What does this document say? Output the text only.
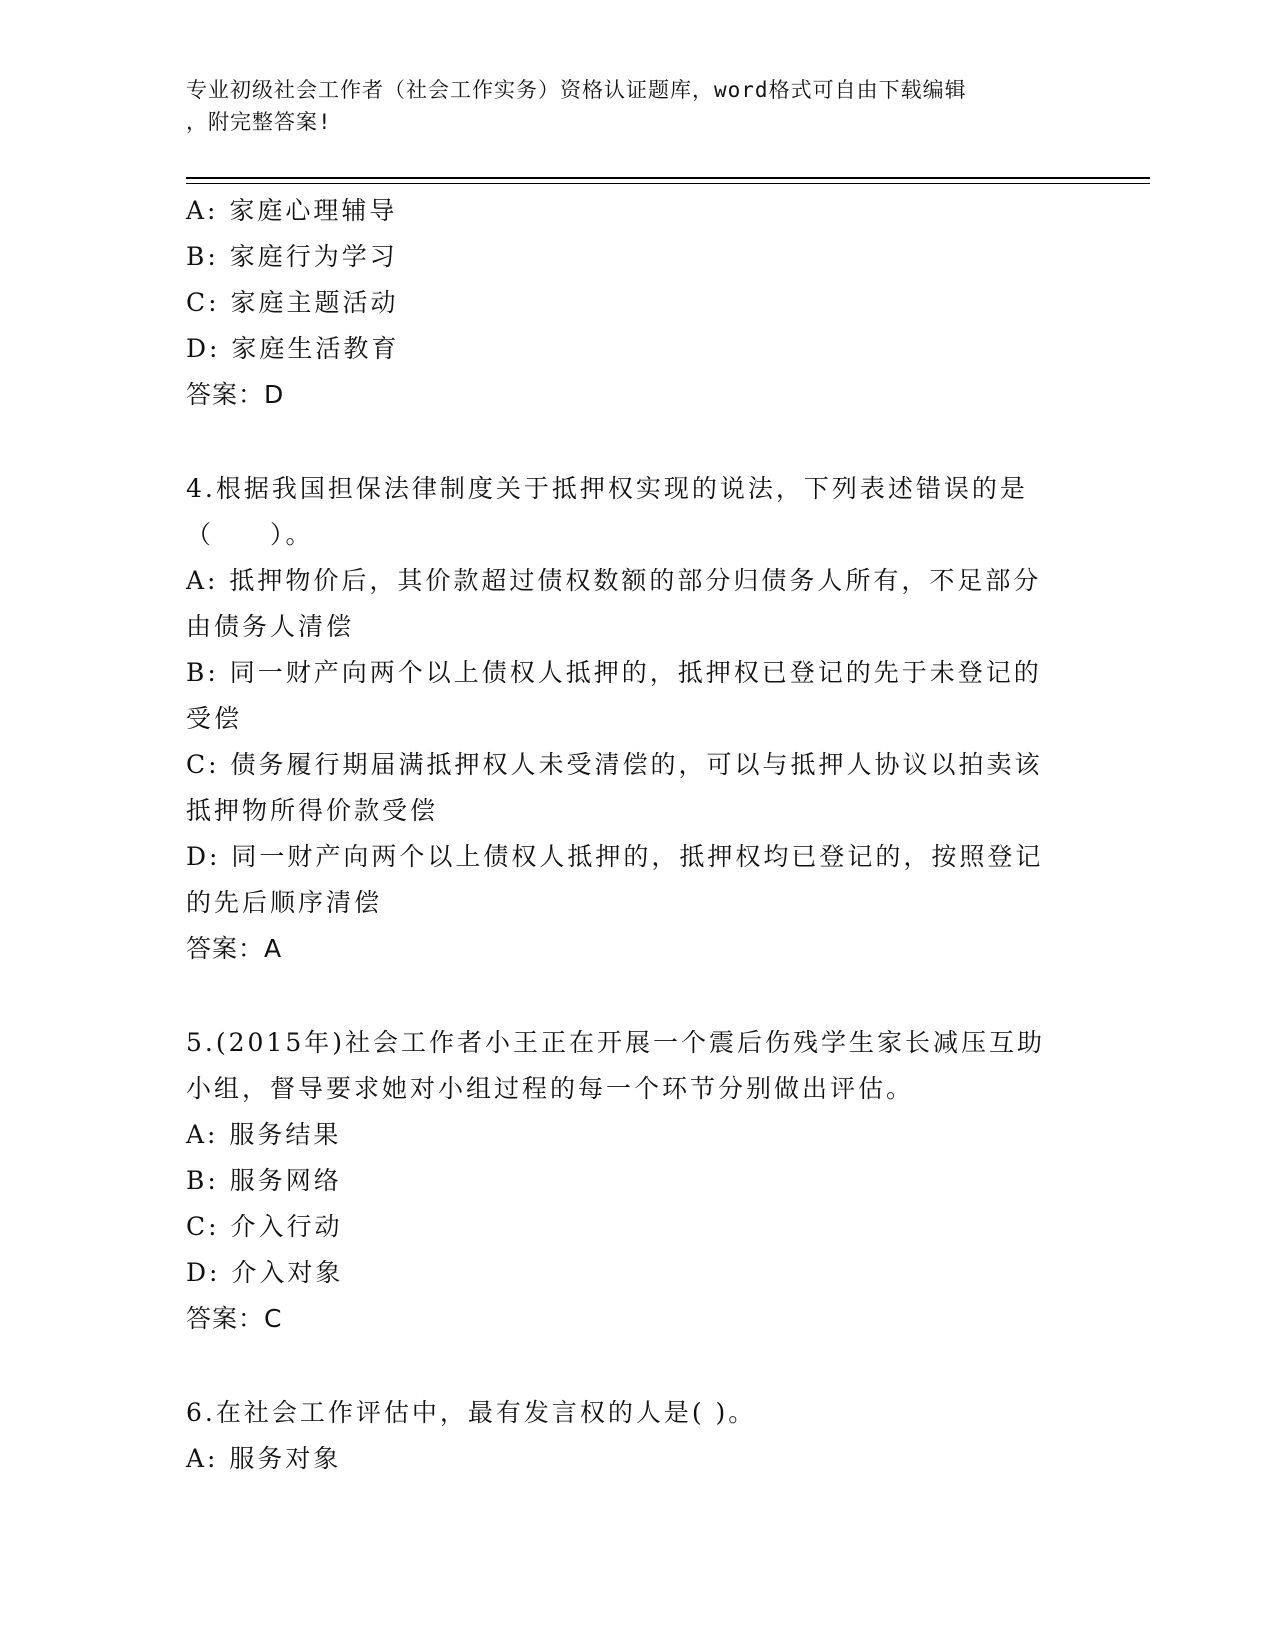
专业初级社会工作者（社会工作实务）资格认证题库，word格式可自由下载编辑
，附完整答案!
A: 家庭心理辅导
B: 家庭行为学习
C: 家庭主题活动
D: 家庭生活教育
答案：D
4.根据我国担保法律制度关于抵押权实现的说法，下列表述错误的是
（　　）。
A: 抵押物价后，其价款超过债权数额的部分归债务人所有，不足部分
由债务人清偿
B: 同一财产向两个以上债权人抵押的，抵押权已登记的先于未登记的
受偿
C: 债务履行期届满抵押权人未受清偿的，可以与抵押人协议以拍卖该
抵押物所得价款受偿
D: 同一财产向两个以上债权人抵押的，抵押权均已登记的，按照登记
的先后顺序清偿
答案：A
5.(2015年)社会工作者小王正在开展一个震后伤残学生家长减压互助
小组，督导要求她对小组过程的每一个环节分别做出评估。
A: 服务结果
B: 服务网络
C: 介入行动
D: 介入对象
答案：C
6.在社会工作评估中，最有发言权的人是( )。
A: 服务对象
